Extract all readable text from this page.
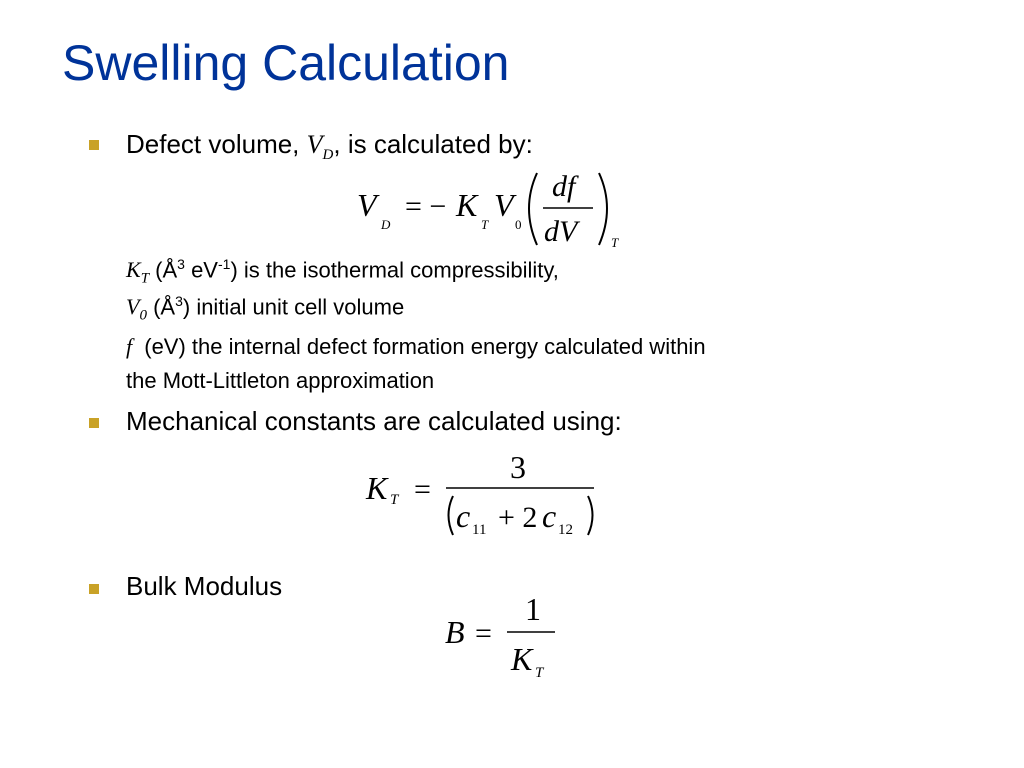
Swelling Calculation
Defect volume, $V_D$, is calculated by:
V
D
= − K
T
V
0
df
dV	T
$K_T$ ($Å^3$ $eV^{-1}$) is the isothermal compressibility,
$V_0$ $(Å^3)$ initial unit cell volume
f (eV) the internal defect formation energy calculated within
the Mott-Littleton approximation
Mechanical constants are calculated using:
K T =
3
c 11 + 2 c 12
Bulk Modulus
B =
1
K T
